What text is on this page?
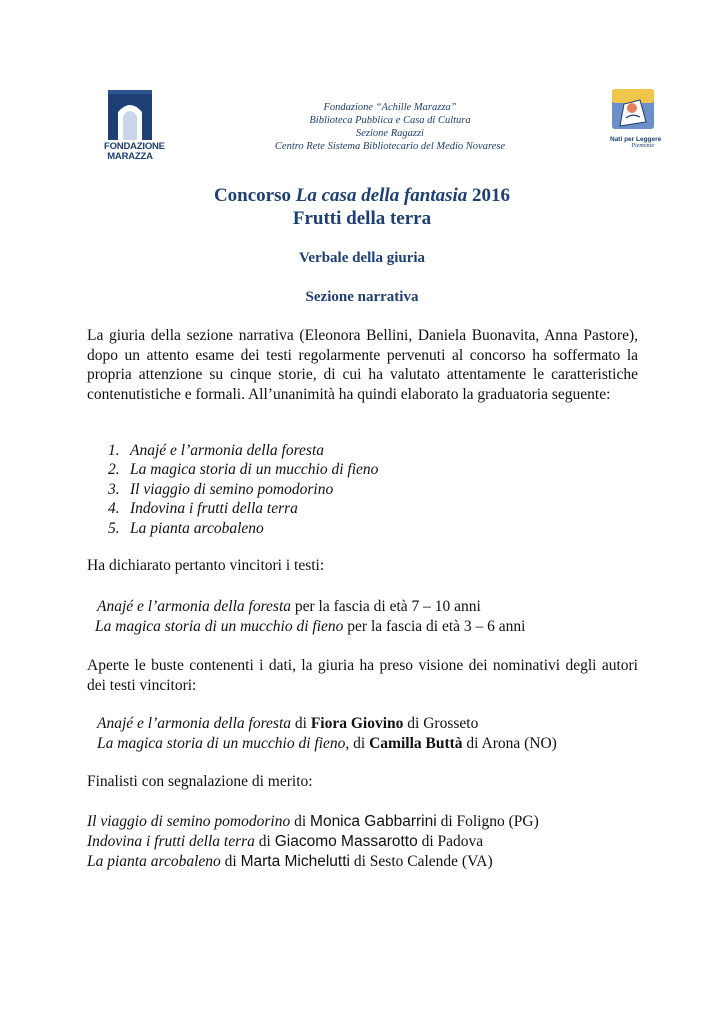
FONDAZIONE
MARAZZA
Nati per Leggere
Piemonte
Fondazione “Achille Marazza”
Biblioteca Pubblica e Casa di Cultura
Sezione Ragazzi
Centro Rete Sistema Bibliotecario del Medio Novarese
Concorso La casa della fantasia 2016
Frutti della terra
Verbale della giuria
Sezione narrativa
La giuria della sezione narrativa (Eleonora Bellini, Daniela Buonavita, Anna Pastore), dopo un attento esame dei testi regolarmente pervenuti al concorso ha soffermato la propria attenzione su cinque storie, di cui ha valutato attentamente le caratteristiche contenutistiche e formali. All’unanimità ha quindi elaborato la graduatoria seguente:
1. Anajé e l’armonia della foresta
2. La magica storia di un mucchio di fieno
3. Il viaggio di semino pomodorino
4. Indovina i frutti della terra
5. La pianta arcobaleno
Ha dichiarato pertanto vincitori i testi:
Anajé e l’armonia della foresta per la fascia di età 7 – 10 anni
La magica storia di un mucchio di fieno per la fascia di età 3 – 6 anni
Aperte le buste contenenti i dati, la giuria ha preso visione dei nominativi degli autori dei testi vincitori:
Anajé e l’armonia della foresta di Fiora Giovino di Grosseto
La magica storia di un mucchio di fieno, di Camilla Buttà di Arona (NO)
Finalisti con segnalazione di merito:
Il viaggio di semino pomodorino di Monica Gabbarrini di Foligno (PG)
Indovina i frutti della terra di Giacomo Massarotto di Padova
La pianta arcobaleno di Marta Michelutti di Sesto Calende (VA)
